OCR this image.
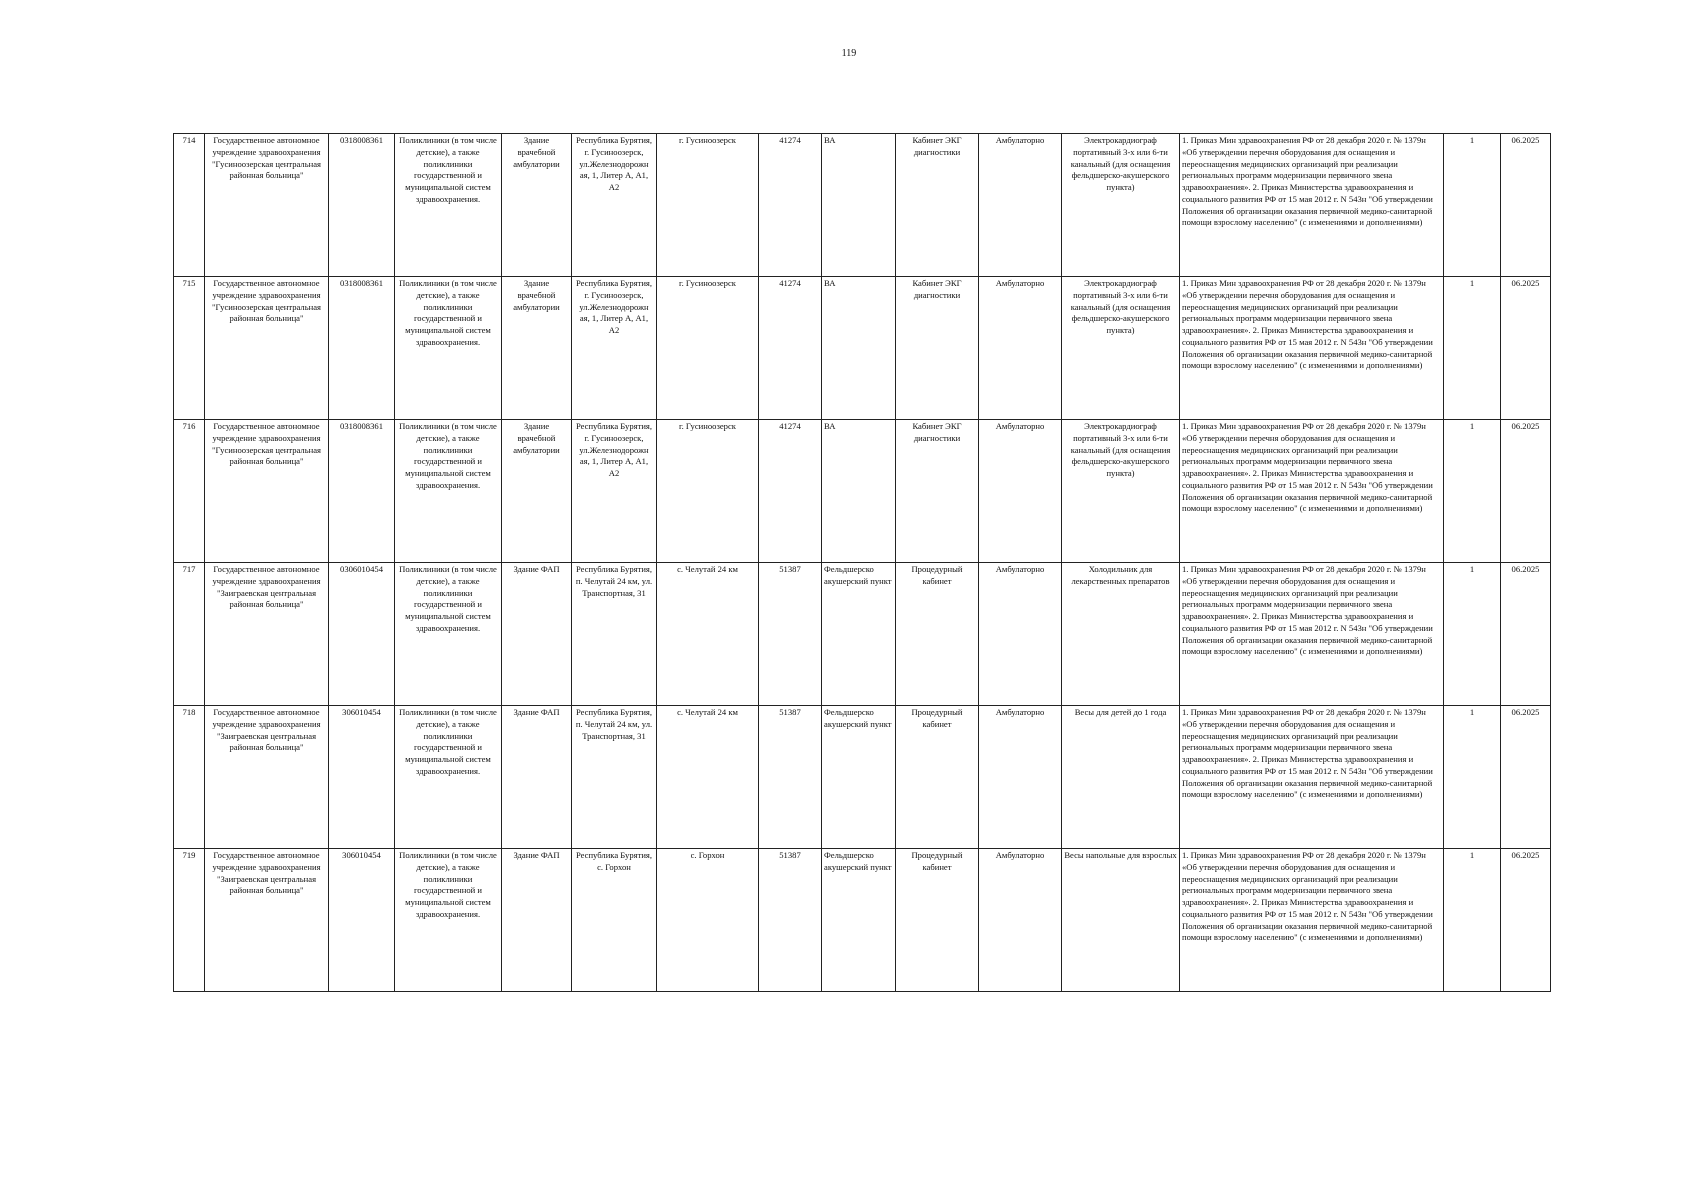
119
714	Государственное автономное учреждение здравоохранения "Гусиноозерская центральная районная больница"	0318008361	Поликлиники (в том числе детские), а также поликлиники государственной и муниципальной систем здравоохранения.	Здание врачебной амбулатории	Республика Бурятия, г. Гусиноозерск, ул.Железнодорожн ая, 1, Литер А, А1, А2	г. Гусиноозерск	41274	ВА	Кабинет ЭКГ диагностики	Амбулаторно	Электрокардиограф портативный 3-х или 6-ти канальный (для оснащения фельдшерско-акушерского пункта)	1. Приказ Мин здравоохранения РФ от 28 декабря 2020 г. № 1379н «Об утверждении перечня оборудования для оснащения и переоснащения медицинских организаций при реализации региональных программ модернизации первичного звена здравоохранения». 2. Приказ Министерства здравоохранения и социального развития РФ от 15 мая 2012 г. N 543н "Об утверждении Положения об организации оказания первичной медико-санитарной помощи взрослому населению" (с изменениями и дополнениями)	1	06.2025
715	Государственное автономное учреждение здравоохранения "Гусиноозерская центральная районная больница"	0318008361	Поликлиники (в том числе детские), а также поликлиники государственной и муниципальной систем здравоохранения.	Здание врачебной амбулатории	Республика Бурятия, г. Гусиноозерск, ул.Железнодорожн ая, 1, Литер А, А1, А2	г. Гусиноозерск	41274	ВА	Кабинет ЭКГ диагностики	Амбулаторно	Электрокардиограф портативный 3-х или 6-ти канальный (для оснащения фельдшерско-акушерского пункта)	1. Приказ Мин здравоохранения РФ от 28 декабря 2020 г. № 1379н «Об утверждении перечня оборудования для оснащения и переоснащения медицинских организаций при реализации региональных программ модернизации первичного звена здравоохранения». 2. Приказ Министерства здравоохранения и социального развития РФ от 15 мая 2012 г. N 543н "Об утверждении Положения об организации оказания первичной медико-санитарной помощи взрослому населению" (с изменениями и дополнениями)	1	06.2025
716	Государственное автономное учреждение здравоохранения "Гусиноозерская центральная районная больница"	0318008361	Поликлиники (в том числе детские), а также поликлиники государственной и муниципальной систем здравоохранения.	Здание врачебной амбулатории	Республика Бурятия, г. Гусиноозерск, ул.Железнодорожн ая, 1, Литер А, А1, А2	г. Гусиноозерск	41274	ВА	Кабинет ЭКГ диагностики	Амбулаторно	Электрокардиограф портативный 3-х или 6-ти канальный (для оснащения фельдшерско-акушерского пункта)	1. Приказ Мин здравоохранения РФ от 28 декабря 2020 г. № 1379н «Об утверждении перечня оборудования для оснащения и переоснащения медицинских организаций при реализации региональных программ модернизации первичного звена здравоохранения». 2. Приказ Министерства здравоохранения и социального развития РФ от 15 мая 2012 г. N 543н "Об утверждении Положения об организации оказания первичной медико-санитарной помощи взрослому населению" (с изменениями и дополнениями)	1	06.2025
717	Государственное автономное учреждение здравоохранения "Заиграевская центральная районная больница"	0306010454	Поликлиники (в том числе детские), а также поликлиники государственной и муниципальной систем здравоохранения.	Здание ФАП	Республика Бурятия, п. Челутай 24 км, ул. Транспортная, 31	с. Челутай 24 км	51387	Фельдшерско акушерский пункт	Процедурный кабинет	Амбулаторно	Холодильник для лекарственных препаратов	1. Приказ Мин здравоохранения РФ от 28 декабря 2020 г. № 1379н «Об утверждении перечня оборудования для оснащения и переоснащения медицинских организаций при реализации региональных программ модернизации первичного звена здравоохранения». 2. Приказ Министерства здравоохранения и социального развития РФ от 15 мая 2012 г. N 543н "Об утверждении Положения об организации оказания первичной медико-санитарной помощи взрослому населению" (с изменениями и дополнениями)	1	06.2025
718	Государственное автономное учреждение здравоохранения "Заиграевская центральная районная больница"	306010454	Поликлиники (в том числе детские), а также поликлиники государственной и муниципальной систем здравоохранения.	Здание ФАП	Республика Бурятия, п. Челутай 24 км, ул. Транспортная, 31	с. Челутай 24 км	51387	Фельдшерско акушерский пункт	Процедурный кабинет	Амбулаторно	Весы для детей до 1 года	1. Приказ Мин здравоохранения РФ от 28 декабря 2020 г. № 1379н «Об утверждении перечня оборудования для оснащения и переоснащения медицинских организаций при реализации региональных программ модернизации первичного звена здравоохранения». 2. Приказ Министерства здравоохранения и социального развития РФ от 15 мая 2012 г. N 543н "Об утверждении Положения об организации оказания первичной медико-санитарной помощи взрослому населению" (с изменениями и дополнениями)	1	06.2025
719	Государственное автономное учреждение здравоохранения "Заиграевская центральная районная больница"	306010454	Поликлиники (в том числе детские), а также поликлиники государственной и муниципальной систем здравоохранения.	Здание ФАП	Республика Бурятия, с. Горхон	с. Горхон	51387	Фельдшерско акушерский пункт	Процедурный кабинет	Амбулаторно	Весы напольные для взрослых	1. Приказ Мин здравоохранения РФ от 28 декабря 2020 г. № 1379н «Об утверждении перечня оборудования для оснащения и переоснащения медицинских организаций при реализации региональных программ модернизации первичного звена здравоохранения». 2. Приказ Министерства здравоохранения и социального развития РФ от 15 мая 2012 г. N 543н "Об утверждении Положения об организации оказания первичной медико-санитарной помощи взрослому населению" (с изменениями и дополнениями)	1	06.2025
